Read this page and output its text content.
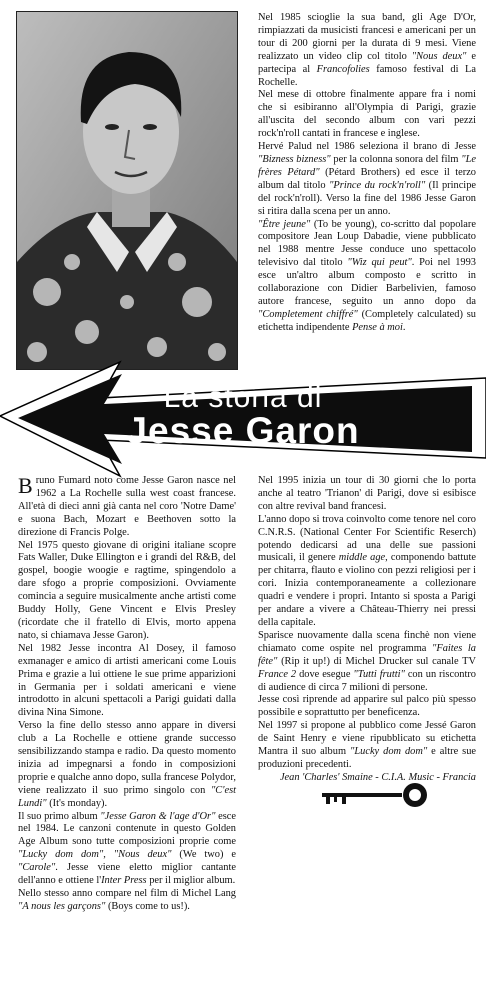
Nel 1985 scioglie la sua band, gli Age D'Or, rimpiazzati da musicisti francesi e americani per un tour di 200 giorni per la durata di 9 mesi. Viene realizzato un video clip col titolo "Nous deux" e partecipa al Francofolies famoso festival di La Rochelle.

Nel mese di ottobre finalmente appare fra i nomi che si esibiranno all'Olympia di Parigi, grazie all'uscita del secondo album con vari pezzi rock'n'roll cantati in francese e inglese.

Hervé Palud nel 1986 seleziona il brano di Jesse "Bizness bizness" per la colonna sonora del film "Le frères Pétard" (Pétard Brothers) ed esce il terzo album dal titolo "Prince du rock'n'roll" (Il principe del rock'n'roll). Verso la fine del 1986 Jesse Garon si ritira dalla scena per un anno.

"Être jeune" (To be young), co-scritto dal popolare compositore Jean Loup Dabadie, viene pubblicato nel 1988 mentre Jesse conduce uno spettacolo televisivo dal titolo "Wiz qui peut". Poi nel 1993 esce un'altro album composto e scritto in collaborazione con Didier Barbelivien, famoso autore francese, seguito un anno dopo da "Completement chiffré" (Completely calculated) su etichetta indipendente Pense à moi.

La storia di
Jesse Garon
B runo Fumard noto come Jesse Garon nasce nel 1962 a La Rochelle sulla west coast francese. All'età di dieci anni già canta nel coro 'Notre Dame' e suona Bach, Mozart e Beethoven sotto la direzione di Francis Polge.

Nel 1975 questo giovane di origini italiane scopre Fats Waller, Duke Ellington e i grandi del R&B, del gospel, boogie woogie e ragtime, spingendolo a dare sfogo a proprie composizioni. Ovviamente comincia a seguire musicalmente anche artisti come Buddy Holly, Gene Vincent e Elvis Presley (ricordate che il fratello di Elvis, morto appena nato, si chiamava Jesse Garon).

Nel 1982 Jesse incontra Al Dosey, il famoso exmanager e amico di artisti americani come Louis Prima e grazie a lui ottiene le sue prime apparizioni in Germania per i soldati americani e viene introdotto in alcuni spettacoli a Parigi guidati dalla divina Nina Simone.

Verso la fine dello stesso anno appare in diversi club a La Rochelle e ottiene grande successo sensibilizzando stampa e radio. Da questo momento inizia ad impegnarsi a fondo in composizioni proprie e qualche anno dopo, sulla francese Polydor, viene realizzato il suo primo singolo con "C'est Lundi" (It's monday).

Il suo primo album "Jesse Garon & l'age d'Or" esce nel 1984. Le canzoni contenute in questo Golden Age Album sono tutte composizioni proprie come "Lucky dom dom", "Nous deux" (We two) e "Carole". Jesse viene eletto miglior cantante dell'anno e ottiene l'Inter Press per il miglior album.

Nello stesso anno compare nel film di Michel Lang "A nous les garçons" (Boys come to us!).

Nel 1995 inizia un tour di 30 giorni che lo porta anche al teatro 'Trianon' di Parigi, dove si esibisce con altre revival band francesi.

L'anno dopo si trova coinvolto come tenore nel coro C.N.R.S. (National Center For Scientific Reserch) potendo dedicarsi ad una delle sue passioni musicali, il genere middle age, componendo battute per chitarra, flauto e violino con pezzi religiosi per i cori. Inizia contemporaneamente a collezionare quadri e vendere i propri. Intanto si sposta a Parigi per andare a vivere a Château-Thierry nei pressi della capitale.

Sparisce nuovamente dalla scena finchè non viene chiamato come ospite nel programma "Faites la fête" (Rip it up!) di Michel Drucker sul canale TV France 2 dove esegue "Tutti frutti" con un riscontro di audience di circa 7 milioni di persone.

Jesse così riprende ad apparire sul palco più spesso possibile e soprattutto per beneficenza.

Nel 1997 si propone al pubblico come Jessé Garon de Saint Henry e viene ripubblicato su etichetta Mantra il suo album "Lucky dom dom" e altre sue produzioni precedenti.

Jean 'Charles' Smaine - C.I.A. Music - Francia
